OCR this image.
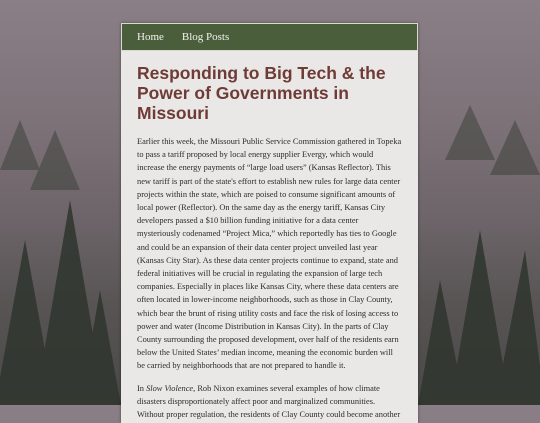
Home Blog Posts
Responding to Big Tech & the Power of Governments in Missouri

Earlier this week, the Missouri Public Service Commission gathered in Topeka to pass a tariff proposed by local energy supplier Evergy, which would increase the energy payments of “large load users” (Kansas Reflector). This new tariff is part of the state's effort to establish new rules for large data center projects within the state, which are poised to consume significant amounts of local power (Reflector). On the same day as the energy tariff, Kansas City developers passed a $10 billion funding initiative for a data center mysteriously codenamed “Project Mica,” which reportedly has ties to Google and could be an expansion of their data center project unveiled last year (Kansas City Star). As these data center projects continue to expand, state and federal initiatives will be crucial in regulating the expansion of large tech companies. Especially in places like Kansas City, where these data centers are often located in lower-income neighborhoods, such as those in Clay County, which bear the brunt of rising utility costs and face the risk of losing access to power and water (Income Distribution in Kansas City). In the parts of Clay County surrounding the proposed development, over half of the residents earn below the United States’ median income, meaning the economic burden will be carried by neighborhoods that are not prepared to handle it.

In Slow Violence, Rob Nixon examines several examples of how climate disasters disproportionately affect poor and marginalized communities. Without proper regulation, the residents of Clay County could become another
